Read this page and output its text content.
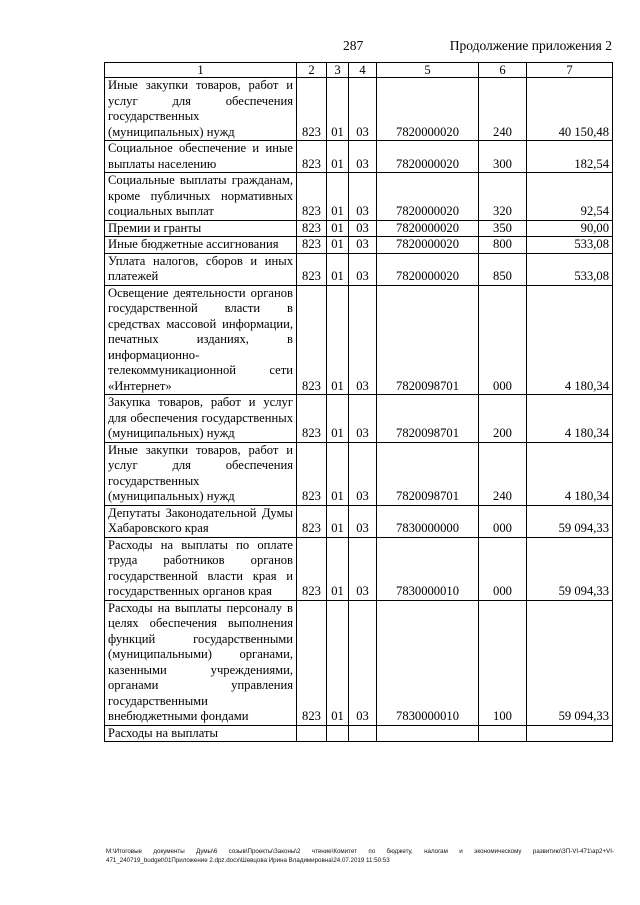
287	Продолжение приложения 2
1	2	3	4	5	6	7
Иные закупки товаров, работ и услуг для обеспечения государственных (муниципальных) нужд	823	01	03	7820000020	240	40 150,48
Социальное обеспечение и иные выплаты населению	823	01	03	7820000020	300	182,54
Социальные выплаты гражданам, кроме публичных нормативных социальных выплат	823	01	03	7820000020	320	92,54
Премии и гранты	823	01	03	7820000020	350	90,00
Иные бюджетные ассигнования	823	01	03	7820000020	800	533,08
Уплата налогов, сборов и иных платежей	823	01	03	7820000020	850	533,08
Освещение деятельности органов государственной власти в средствах массовой информации, печатных изданиях, в информационно-телекоммуникационной сети «Интернет»	823	01	03	7820098701	000	4 180,34
Закупка товаров, работ и услуг для обеспечения государственных (муниципальных) нужд	823	01	03	7820098701	200	4 180,34
Иные закупки товаров, работ и услуг для обеспечения государственных (муниципальных) нужд	823	01	03	7820098701	240	4 180,34
Депутаты Законодательной Думы Хабаровского края	823	01	03	7830000000	000	59 094,33
Расходы на выплаты по оплате труда работников органов государственной власти края и государственных органов края	823	01	03	7830000010	000	59 094,33
Расходы на выплаты персоналу в целях обеспечения выполнения функций государственными (муниципальными) органами, казенными учреждениями, органами управления государственными внебюджетными фондами	823	01	03	7830000010	100	59 094,33
Расходы на выплаты						
M:\Итоговые документы Думы\6 созыв\Проекты\Законы\2 чтение\Комитет по бюджету, налогам и экономическому развитию\ЗП-VI-471\ар2+VI-471_240719_budget\01Приложение 2.dpz.docx\Шевцова Ирина Владимировна\24.07.2019 11:50:53
